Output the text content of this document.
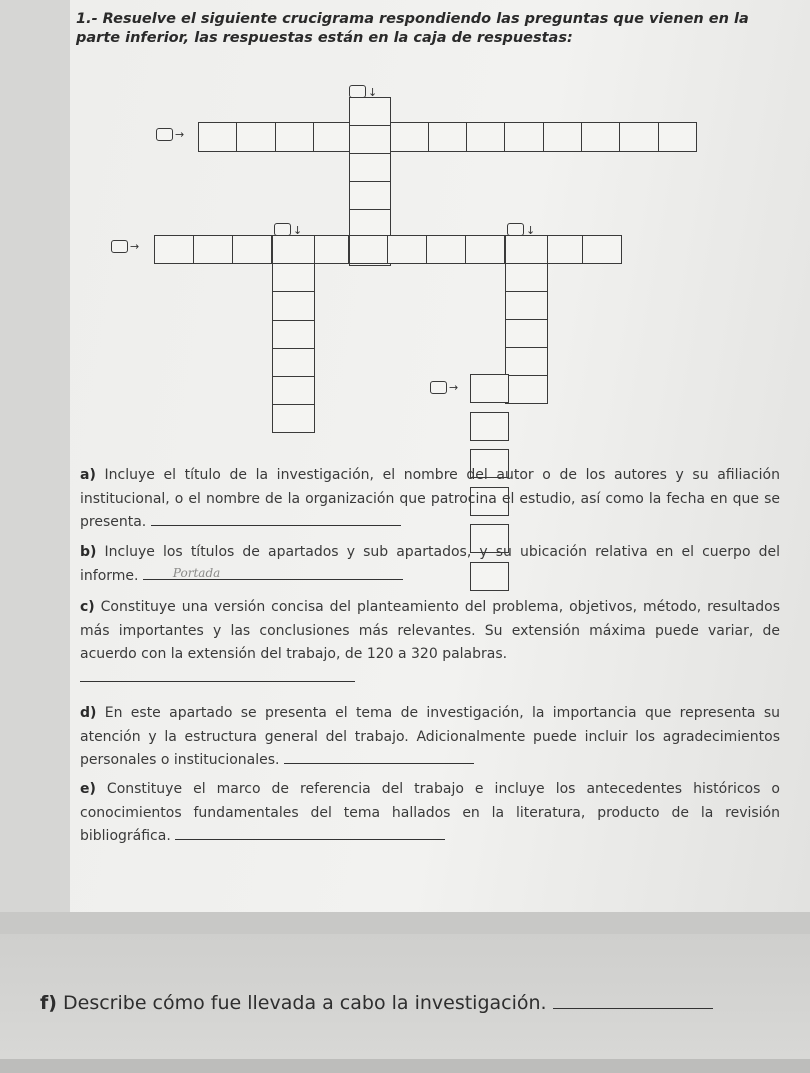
1.- Resuelve el siguiente crucigrama respondiendo las preguntas que vienen en la parte inferior, las respuestas están en la caja de respuestas:
↓
→
↓
→
↓
→
a) Incluye el título de la investigación, el nombre del autor o de los autores y su afiliación institucional, o el nombre de la organización que patrocina el estudio, así como la fecha en que se presenta.
b) Incluye los títulos de apartados y sub apartados, y su ubicación relativa en el cuerpo del informe.	Portada
c) Constituye una versión concisa del planteamiento del problema, objetivos, método, resultados más importantes y las conclusiones más relevantes. Su extensión máxima puede variar, de acuerdo con la extensión del trabajo, de 120 a 320 palabras.

d) En este apartado se presenta el tema de investigación, la importancia que representa su atención y la estructura general del trabajo. Adicionalmente puede incluir los agradecimientos personales o institucionales.
e) Constituye el marco de referencia del trabajo e incluye los antecedentes históricos o conocimientos fundamentales del tema hallados en la literatura, producto de la revisión bibliográfica.
f) Describe cómo fue llevada a cabo la investigación.
